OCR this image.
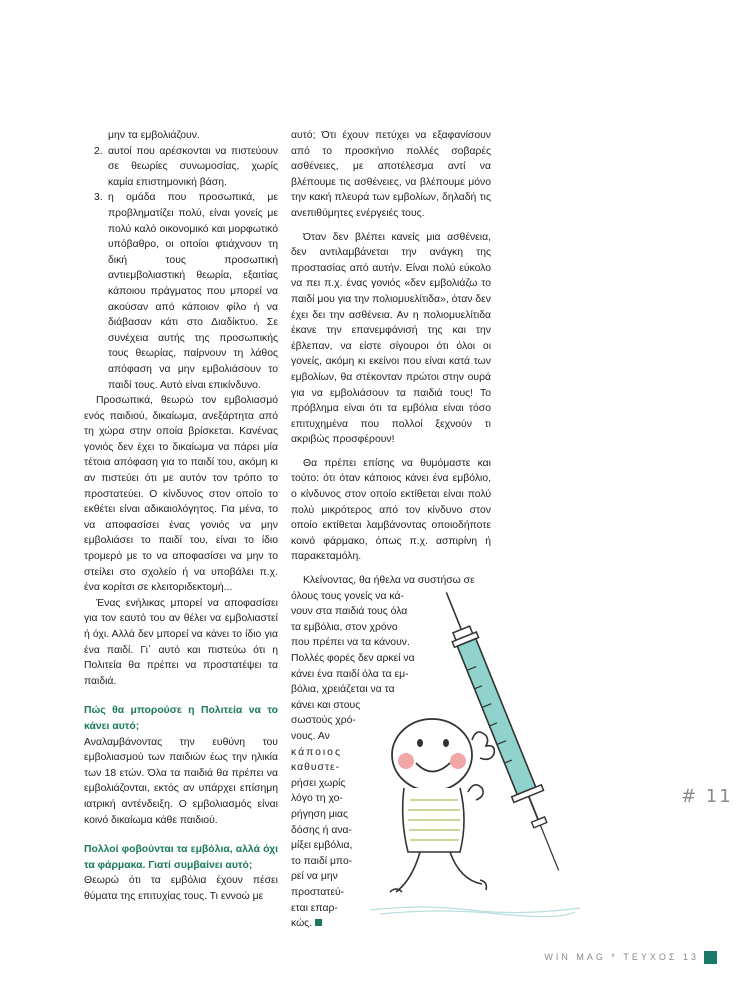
μην τα εμβολιάζουν.

2. αυτοί που αρέσκονται να πιστεύουν σε θεωρίες συνωμοσίας, χωρίς καμία επιστημονική βάση.
3. η ομάδα που προσωπικά, με προβληματίζει πολύ, είναι γονείς με πολύ καλό οικονομικό και μορφωτικό υπόβαθρο, οι οποίοι φτιάχνουν τη δική τους προσωπική αντιεμβολιαστική θεωρία, εξαιτίας κάποιου πράγματος που μπορεί να ακούσαν από κάποιον φίλο ή να διάβασαν κάτι στο Διαδίκτυο. Σε συνέχεια αυτής της προσωπικής τους θεωρίας, παίρνουν τη λάθος απόφαση να μην εμβολιάσουν το παιδί τους. Αυτό είναι επικίνδυνο.

Προσωπικά, θεωρώ τον εμβολιασμό ενός παιδιού, δικαίωμα, ανεξάρτητα από τη χώρα στην οποία βρίσκεται. Κανένας γονιός δεν έχει το δικαίωμα να πάρει μία τέτοια απόφαση για το παιδί του, ακόμη κι αν πιστεύει ότι με αυτόν τον τρόπο το προστατεύει. Ο κίνδυνος στον οποίο το εκθέτει είναι αδικαιολόγητος. Για μένα, το να αποφασίσει ένας γονιός να μην εμβολιάσει το παιδί του, είναι το ίδιο τρομερό με το να αποφασίσει να μην το στείλει στο σχολείο ή να υποβάλει π.χ. ένα κορίτσι σε κλειτοριδεκτομή...

Ένας ενήλικας μπορεί να αποφασίσει για τον εαυτό του αν θέλει να εμβολιαστεί ή όχι. Αλλά δεν μπορεί να κάνει το ίδιο για ένα παιδί. Γι΄ αυτό και πιστεύω ότι η Πολιτεία θα πρέπει να προστατέψει τα παιδιά.

Πώς θα μπορούσε η Πολιτεία να το κάνει αυτό;

Αναλαμβάνοντας την ευθύνη του εμβολιασμού των παιδιών έως την ηλικία των 18 ετών. Όλα τα παιδιά θα πρέπει να εμβολιάζονται, εκτός αν υπάρχει επίσημη ιατρική αντένδειξη. Ο εμβολιασμός είναι κοινό δικαίωμα κάθε παιδιού.

Πολλοί φοβούνται τα εμβόλια, αλλά όχι τα φάρμακα. Γιατί συμβαίνει αυτό;

Θεωρώ ότι τα εμβόλια έχουν πέσει θύματα της επιτυχίας τους. Τι εννοώ με

αυτό; Ότι έχουν πετύχει να εξαφανίσουν από το προσκήνιο πολλές σοβαρές ασθένειες, με αποτέλεσμα αντί να βλέπουμε τις ασθένειες, να βλέπουμε μόνο την κακή πλευρά των εμβολίων, δηλαδή τις ανεπιθύμητες ενέργειές τους.

Όταν δεν βλέπει κανείς μια ασθένεια, δεν αντιλαμβάνεται την ανάγκη της προστασίας από αυτήν. Είναι πολύ εύκολο να πει π.χ. ένας γονιός «δεν εμβολιάζω το παιδί μου για την πολιομυελίτιδα», όταν δεν έχει δει την ασθένεια. Αν η πολιομυελίτιδα έκανε την επανεμφάνισή της και την έβλεπαν, να είστε σίγουροι ότι όλοι οι γονείς, ακόμη κι εκείνοι που είναι κατά των εμβολίων, θα στέκονταν πρώτοι στην ουρά για να εμβολιάσουν τα παιδιά τους! Το πρόβλημα είναι ότι τα εμβόλια είναι τόσο επιτυχημένα που πολλοί ξεχνούν τι ακριβώς προσφέρουν!

Θα πρέπει επίσης να θυμόμαστε και τούτο: ότι όταν κάποιος κάνει ένα εμβόλιο, ο κίνδυνος στον οποίο εκτίθεται είναι πολύ πολύ μικρότερος από τον κίνδυνο στον οποίο εκτίθεται λαμβάνοντας οποιοδήποτε κοινό φάρμακο, όπως π.χ. ασπιρίνη ή παρακεταμόλη.

Κλείνοντας, θα ήθελα να συστήσω σε
όλους τους γονείς να κά-
νουν στα παιδιά τους όλα
τα εμβόλια, στον χρόνο
που πρέπει να τα κάνουν.
Πολλές φορές δεν αρκεί να
κάνει ένα παιδί όλα τα εμ-
βόλια, χρειάζεται να τα
κάνει και στους
σωστούς χρό-
νους. Αν
κάποιος
καθυστε-
ρήσει χωρίς
λόγο τη χο-
ρήγηση μιας
δόσης ή ανα-
μίξει εμβόλια,
το παιδί μπο-
ρεί να μην
προστατεύ-
εται επαρ-
κώς.
# 11
WIN MAG * ΤΕΥΧΟΣ 13
